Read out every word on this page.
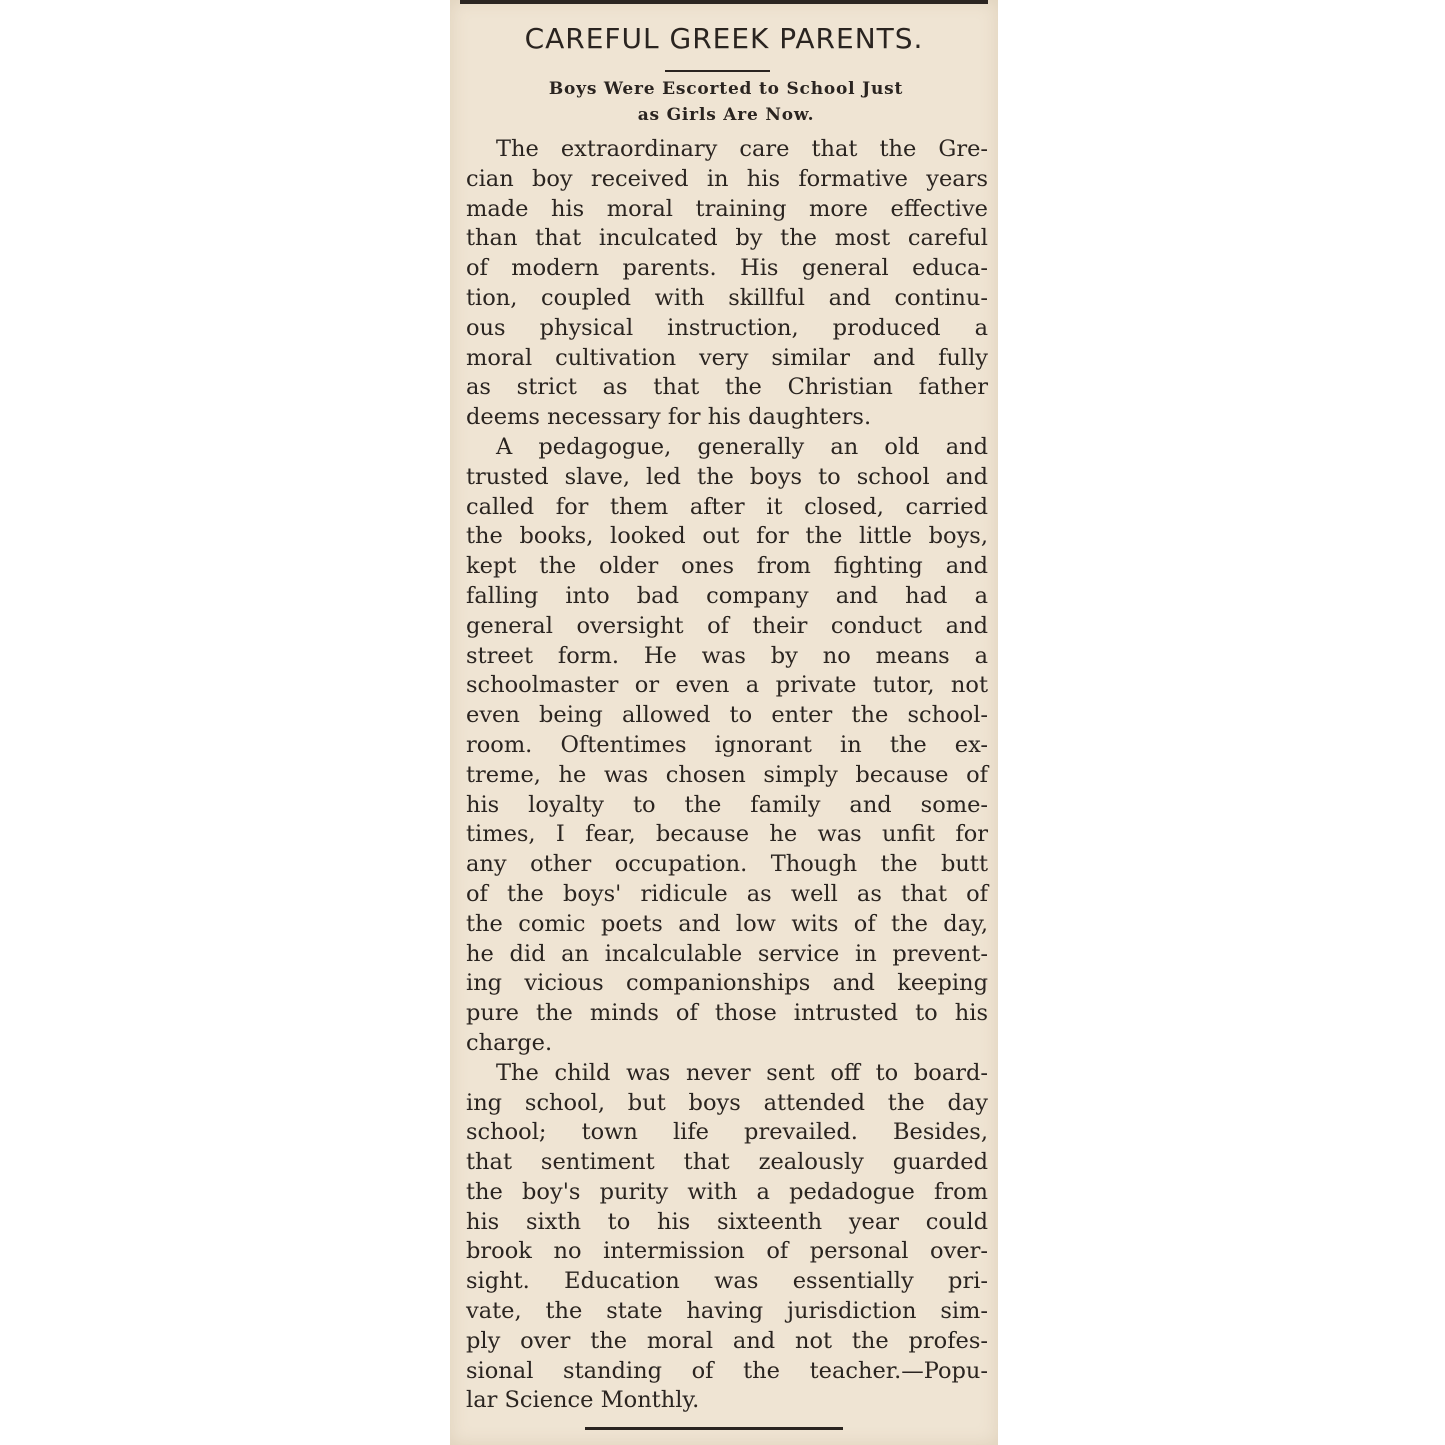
CAREFUL GREEK PARENTS.
Boys Were Escorted to School Just
as Girls Are Now.
The extraordinary care that the Gre-
cian boy received in his formative years
made his moral training more effective
than that inculcated by the most careful
of modern parents. His general educa-
tion, coupled with skillful and continu-
ous physical instruction, produced a
moral cultivation very similar and fully
as strict as that the Christian father
deems necessary for his daughters.
A pedagogue, generally an old and
trusted slave, led the boys to school and
called for them after it closed, carried
the books, looked out for the little boys,
kept the older ones from fighting and
falling into bad company and had a
general oversight of their conduct and
street form. He was by no means a
schoolmaster or even a private tutor, not
even being allowed to enter the school-
room. Oftentimes ignorant in the ex-
treme, he was chosen simply because of
his loyalty to the family and some-
times, I fear, because he was unfit for
any other occupation. Though the butt
of the boys' ridicule as well as that of
the comic poets and low wits of the day,
he did an incalculable service in prevent-
ing vicious companionships and keeping
pure the minds of those intrusted to his
charge.
The child was never sent off to board-
ing school, but boys attended the day
school; town life prevailed. Besides,
that sentiment that zealously guarded
the boy's purity with a pedadogue from
his sixth to his sixteenth year could
brook no intermission of personal over-
sight. Education was essentially pri-
vate, the state having jurisdiction sim-
ply over the moral and not the profes-
sional standing of the teacher.—Popu-
lar Science Monthly.
